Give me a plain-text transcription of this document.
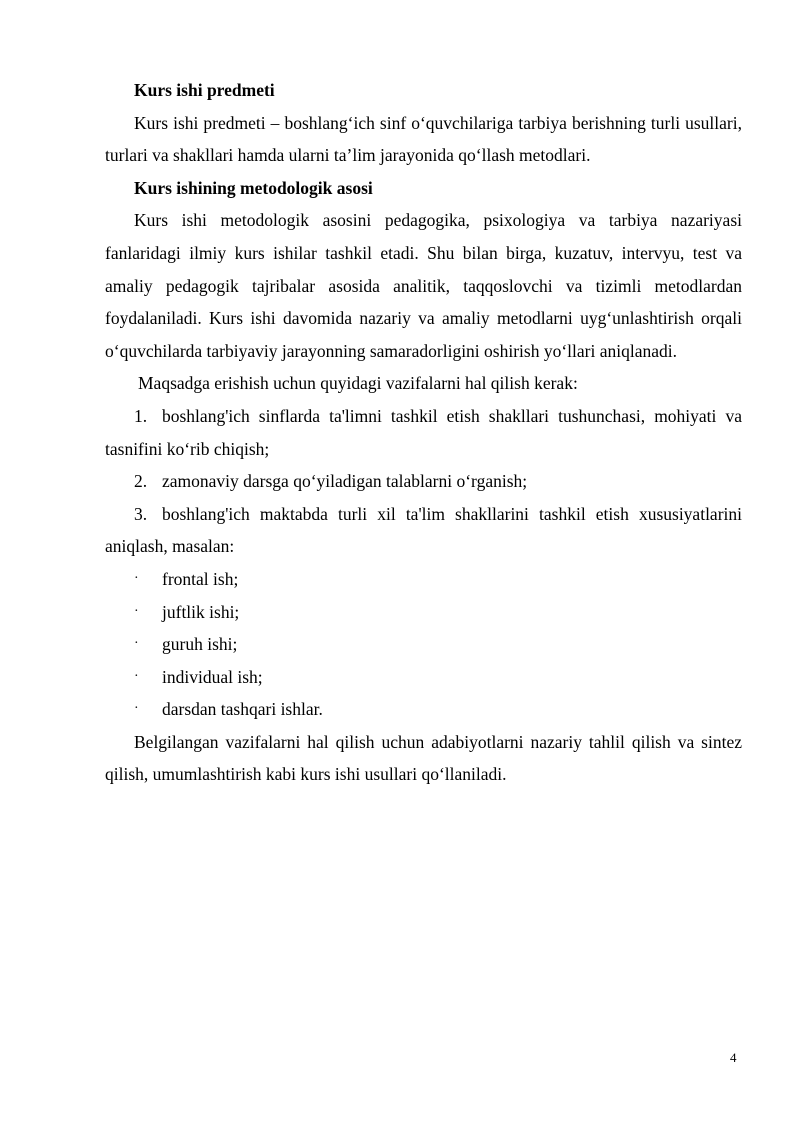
Kurs ishi predmeti

Kurs ishi predmeti – boshlang‘ich sinf o‘quvchilariga tarbiya berishning turli usullari, turlari va shakllari hamda ularni ta’lim jarayonida qo‘llash metodlari.

Kurs ishining metodologik asosi

Kurs ishi metodologik asosini pedagogika, psixologiya va tarbiya nazariyasi fanlaridagi ilmiy kurs ishilar tashkil etadi. Shu bilan birga, kuzatuv, intervyu, test va amaliy pedagogik tajribalar asosida analitik, taqqoslovchi va tizimli metodlardan foydalaniladi. Kurs ishi davomida nazariy va amaliy metodlarni uyg‘unlashtirish orqali o‘quvchilarda tarbiyaviy jarayonning samaradorligini oshirish yo‘llari aniqlanadi.

Maqsadga erishish uchun quyidagi vazifalarni hal qilish kerak:

1. boshlang'ich sinflarda ta'limni tashkil etish shakllari tushunchasi, mohiyati va tasnifini ko‘rib chiqish;

2. zamonaviy darsga qo‘yiladigan talablarni o‘rganish;

3. boshlang'ich maktabda turli xil ta'lim shakllarini tashkil etish xususiyatlarini aniqlash, masalan:

· frontal ish;
· juftlik ishi;
· guruh ishi;
· individual ish;
· darsdan tashqari ishlar.

Belgilangan vazifalarni hal qilish uchun adabiyotlarni nazariy tahlil qilish va sintez qilish, umumlashtirish kabi kurs ishi usullari qo‘llaniladi.

4
